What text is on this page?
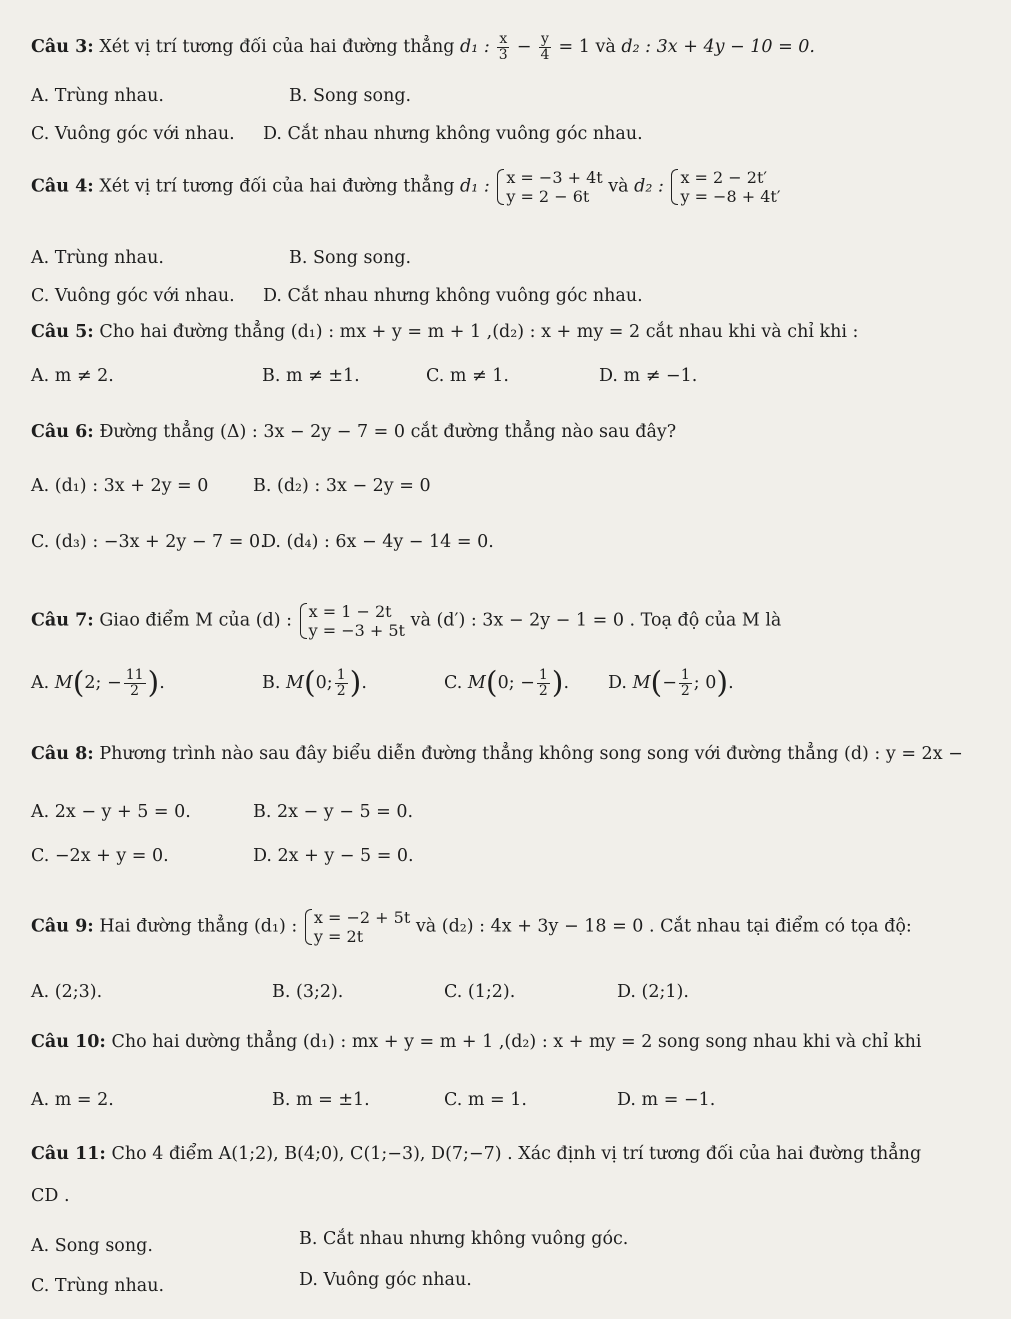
Câu 3: Xét vị trí tương đối của hai đường thẳng d₁ : $\frac{x}{3} - \frac{y}{4} = 1$ và d₂ : 3x + 4y − 10 = 0.
A. Trùng nhau.	B. Song song.
C. Vuông góc với nhau. D. Cắt nhau nhưng không vuông góc nhau.
Câu 4: Xét vị trí tương đối của hai đường thẳng d₁ : x = −3 + 4t
y = 2 − 6t và d₂ : x = 2 − 2t′
y = −8 + 4t′
A. Trùng nhau.	B. Song song.
C. Vuông góc với nhau. D. Cắt nhau nhưng không vuông góc nhau.
Câu 5: Cho hai đường thẳng (d₁) : mx + y = m + 1 ,(d₂) : x + my = 2 cắt nhau khi và chỉ khi :
A. m ≠ 2.	B. m ≠ ±1.	C. m ≠ 1.	D. m ≠ −1.
Câu 6: Đường thẳng (Δ) : 3x − 2y − 7 = 0 cắt đường thẳng nào sau đây?
A. (d₁) : 3x + 2y = 0	B. (d₂) : 3x − 2y = 0
C. (d₃) : −3x + 2y − 7 = 0.
D. (d₄) : 6x − 4y − 14 = 0.
Câu 7: Giao điểm M của (d) : x = 1 − 2t
y = −3 + 5t và (d′) : 3x − 2y − 1 = 0 . Toạ độ của M là
A. M(2; − $\frac{11}{2}$ ).	B. M(0; $\frac{1}{2}$ ).	C. M(0; − $\frac{1}{2}$ ). D. $M(- \frac{1}{2}$ ; 0).
Câu 8: Phương trình nào sau đây biểu diễn đường thẳng không song song với đường thẳng (d) : y = 2x −
A. 2x − y + 5 = 0.	B. 2x − y − 5 = 0.
C. −2x + y = 0.	D. 2x + y − 5 = 0.
Câu 9: Hai đường thẳng (d₁) : x = −2 + 5t
y = 2t	và (d₂) : 4x + 3y − 18 = 0 . Cắt nhau tại điểm có tọa độ:
A. (2;3).	B. (3;2).	C. (1;2).	D. (2;1).
Câu 10: Cho hai dường thẳng (d₁) : mx + y = m + 1 ,(d₂) : x + my = 2 song song nhau khi và chỉ khi
A. m = 2.	B. m = ±1.	C. m = 1.	D. m = −1.
Câu 11: Cho 4 điểm A(1;2), B(4;0), C(1;−3), D(7;−7) . Xác định vị trí tương đối của hai đường thẳng
CD .
A. Song song.	B. Cắt nhau nhưng không vuông góc.
C. Trùng nhau.	D. Vuông góc nhau.
